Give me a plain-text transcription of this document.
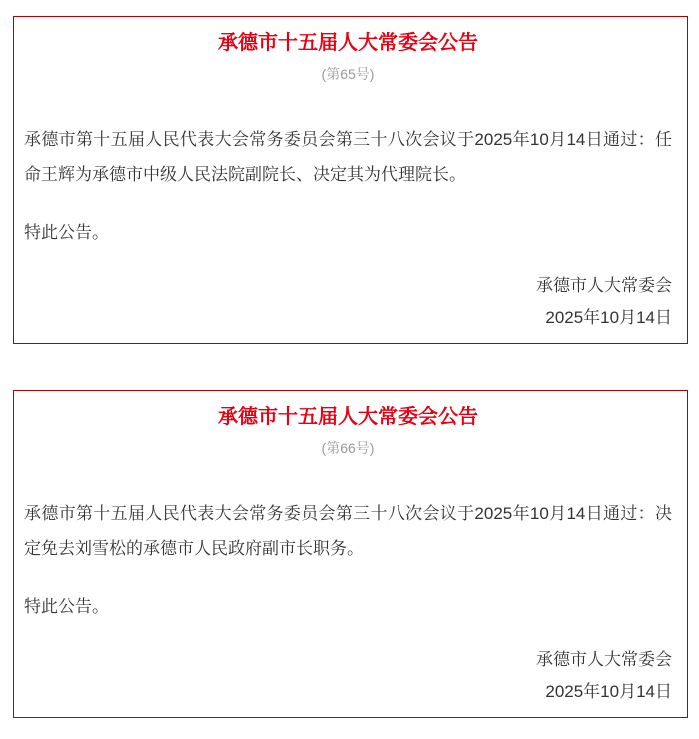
承德市十五届人大常委会公告
(第65号)

承德市第十五届人民代表大会常务委员会第三十八次会议于2025年10月14日通过：任命王辉为承德市中级人民法院副院长、决定其为代理院长。

特此公告。

承德市人大常委会
2025年10月14日
承德市十五届人大常委会公告
(第66号)

承德市第十五届人民代表大会常务委员会第三十八次会议于2025年10月14日通过：决定免去刘雪松的承德市人民政府副市长职务。

特此公告。

承德市人大常委会
2025年10月14日
